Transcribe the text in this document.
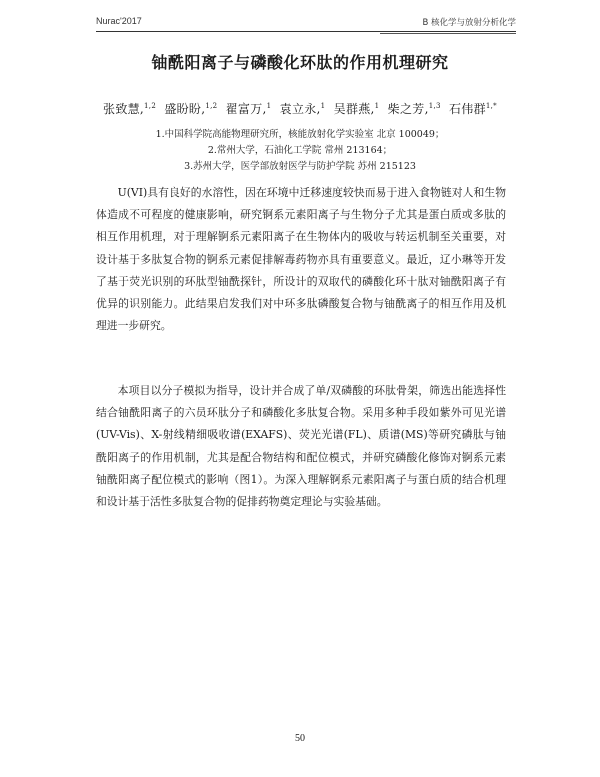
Nurac'2017	B 核化学与放射分析化学
铀酰阳离子与磷酸化环肽的作用机理研究
张致慧,$^{1,2}$ 盛盼盼,$^{1,2}$ 翟富万,$^1$ 袁立永,$^1$ 吴群燕,$^1$ 柴之芳,$^{1,3}$ 石伟群$^{1,*}$
1.中国科学院高能物理研究所，核能放射化学实验室 北京 100049；
2.常州大学，石油化工学院 常州 213164；
3.苏州大学，医学部放射医学与防护学院 苏州 215123

U(VI)具有良好的水溶性，因在环境中迁移速度较快而易于进入食物链对人和生物体造成不可程度的健康影响，研究锕系元素阳离子与生物分子尤其是蛋白质或多肽的相互作用机理，对于理解锕系元素阳离子在生物体内的吸收与转运机制至关重要，对设计基于多肽复合物的锕系元素促排解毒药物亦具有重要意义。最近，辽小琳等开发了基于荧光识别的环肽型铀酰探针，所设计的双取代的磷酸化环十肽对铀酰阳离子有优异的识别能力。此结果启发我们对中环多肽磷酸复合物与铀酰离子的相互作用及机理进一步研究。

本项目以分子模拟为指导，设计并合成了单/双磷酸的环肽骨架，筛选出能选择性结合铀酰阳离子的六员环肽分子和磷酸化多肽复合物。采用多种手段如紫外可见光谱(UV-Vis)、X-射线精细吸收谱(EXAFS)、荧光光谱(FL)、质谱(MS)等研究磷肽与铀酰阳离子的作用机制，尤其是配合物结构和配位模式，并研究磷酸化修饰对锕系元素铀酰阳离子配位模式的影响（图1）。为深入理解锕系元素阳离子与蛋白质的结合机理和设计基于活性多肽复合物的促排药物奠定理论与实验基础。

50
